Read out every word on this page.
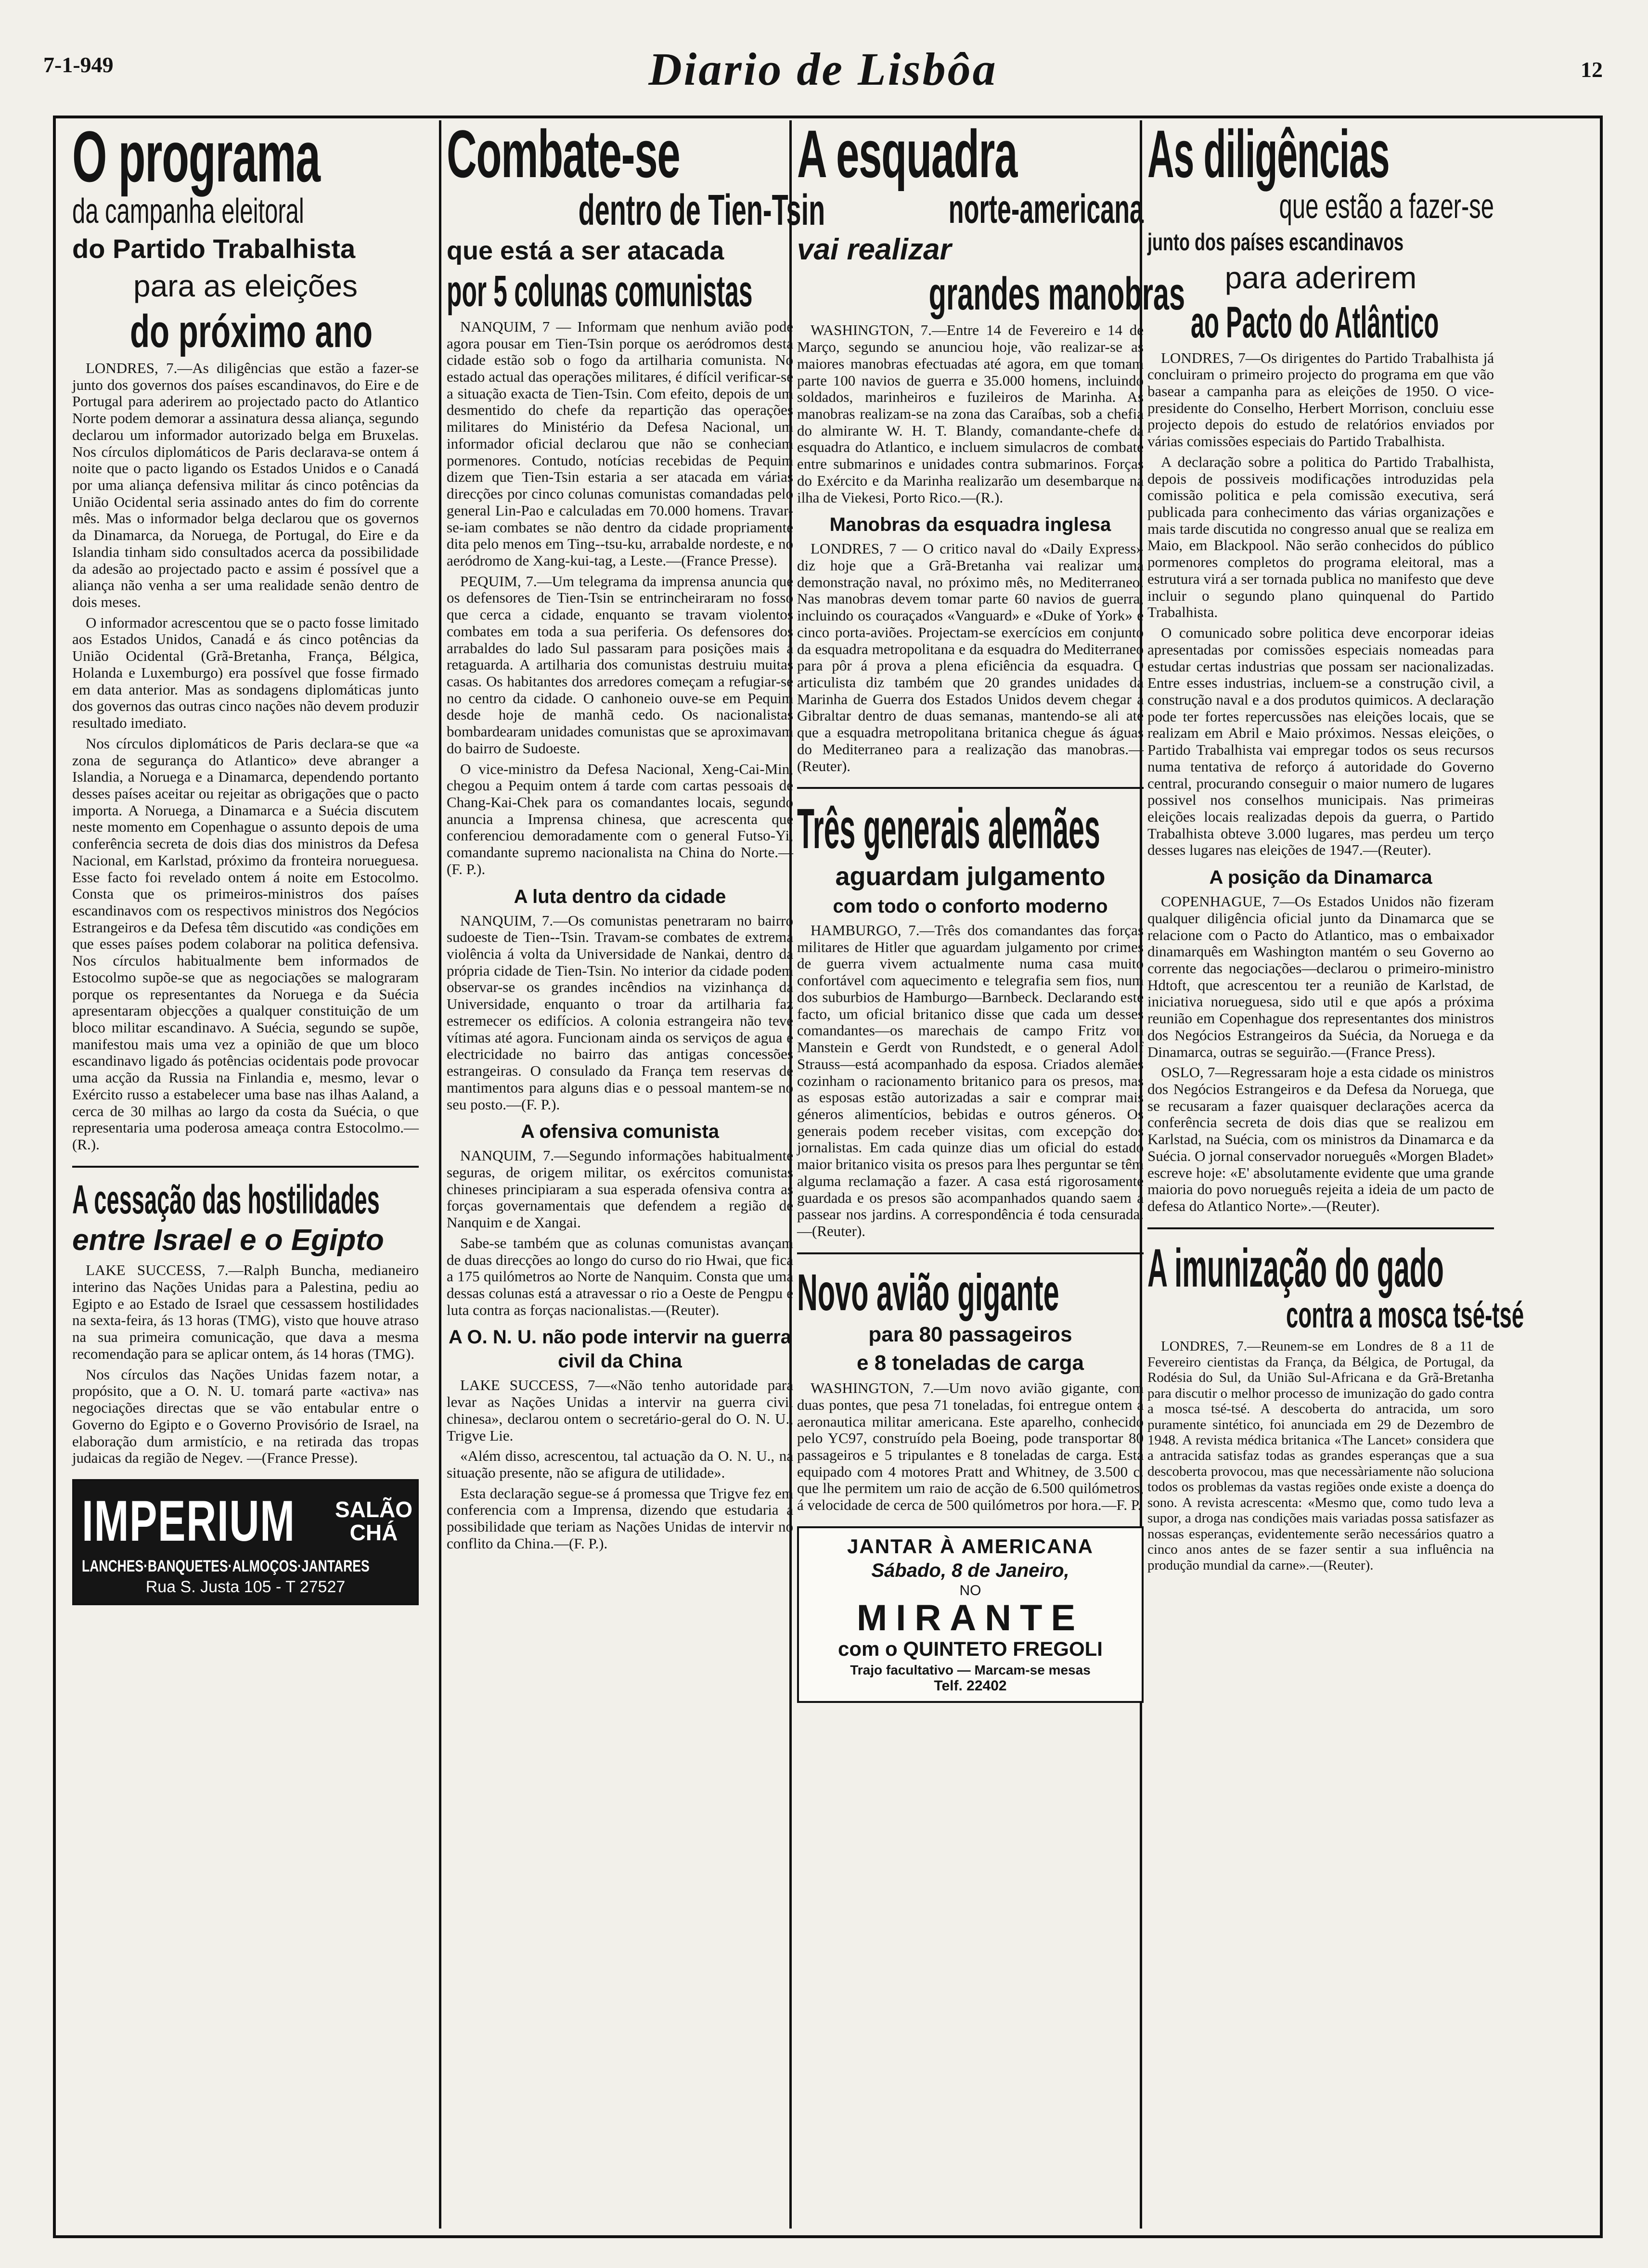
7-1-949	Diario de Lisbôa	12
O programa
da campanha eleitoral
do Partido Trabalhista
para as eleições
do próximo ano

LONDRES, 7.—As diligências que estão a fazer-se junto dos governos dos países escandinavos, do Eire e de Portugal para aderirem ao projectado pacto do Atlantico Norte podem demorar a assinatura dessa aliança, segundo declarou um informador autorizado belga em Bruxelas. Nos círculos diplomáticos de Paris declarava-se ontem á noite que o pacto ligando os Estados Unidos e o Canadá por uma aliança defensiva militar ás cinco potências da União Ocidental seria assinado antes do fim do corrente mês. Mas o informador belga declarou que os governos da Dinamarca, da Noruega, de Portugal, do Eire e da Islandia tinham sido consultados acerca da possibilidade da adesão ao projectado pacto e assim é possível que a aliança não venha a ser uma realidade senão dentro de dois meses.

O informador acrescentou que se o pacto fosse limitado aos Estados Unidos, Canadá e ás cinco potências da União Ocidental (Grã-Bretanha, França, Bélgica, Holanda e Luxemburgo) era possível que fosse firmado em data anterior. Mas as sondagens diplomáticas junto dos governos das outras cinco nações não devem produzir resultado imediato.

Nos círculos diplomáticos de Paris declara-se que «a zona de segurança do Atlantico» deve abranger a Islandia, a Noruega e a Dinamarca, dependendo portanto desses países aceitar ou rejeitar as obrigações que o pacto importa. A Noruega, a Dinamarca e a Suécia discutem neste momento em Copenhague o assunto depois de uma conferência secreta de dois dias dos ministros da Defesa Nacional, em Karlstad, próximo da fronteira norueguesa. Esse facto foi revelado ontem á noite em Estocolmo. Consta que os primeiros-ministros dos países escandinavos com os respectivos ministros dos Negócios Estrangeiros e da Defesa têm discutido «as condições em que esses países podem colaborar na politica defensiva. Nos círculos habitualmente bem informados de Estocolmo supõe-se que as negociações se malograram porque os representantes da Noruega e da Suécia apresentaram objecções a qualquer constituição de um bloco militar escandinavo. A Suécia, segundo se supõe, manifestou mais uma vez a opinião de que um bloco escandinavo ligado ás potências ocidentais pode provocar uma acção da Russia na Finlandia e, mesmo, levar o Exército russo a estabelecer uma base nas ilhas Aaland, a cerca de 30 milhas ao largo da costa da Suécia, o que representaria uma poderosa ameaça contra Estocolmo.—(R.).

A cessação das hostilidades
entre Israel e o Egipto

LAKE SUCCESS, 7.—Ralph Buncha, medianeiro interino das Nações Unidas para a Palestina, pediu ao Egipto e ao Estado de Israel que cessassem hostilidades na sexta-feira, ás 13 horas (TMG), visto que houve atraso na sua primeira comunicação, que dava a mesma recomendação para se aplicar ontem, ás 14 horas (TMG).

Nos círculos das Nações Unidas fazem notar, a propósito, que a O. N. U. tomará parte «activa» nas negociações directas que se vão entabular entre o Governo do Egipto e o Governo Provisório de Israel, na elaboração dum armistício, e na retirada das tropas judaicas da região de Negev. —(France Presse).

IMPERIUM SALÃO
CHÁ
LANCHES·BANQUETES·ALMOÇOS·JANTARES
Rua S. Justa 105 - T 27527
Combate-se
dentro de Tien-Tsin
que está a ser atacada
por 5 colunas comunistas

NANQUIM, 7 — Informam que nenhum avião pode agora pousar em Tien-Tsin porque os aeródromos desta cidade estão sob o fogo da artilharia comunista. No estado actual das operações militares, é difícil verificar-se a situação exacta de Tien-Tsin. Com efeito, depois de um desmentido do chefe da repartição das operações militares do Ministério da Defesa Nacional, um informador oficial declarou que não se conheciam pormenores. Contudo, notícias recebidas de Pequim dizem que Tien-Tsin estaria a ser atacada em várias direcções por cinco colunas comunistas comandadas pelo general Lin-Pao e calculadas em 70.000 homens. Travar-se-iam combates se não dentro da cidade propriamente dita pelo menos em Ting--tsu-ku, arrabalde nordeste, e no aeródromo de Xang-kui-tag, a Leste.—(France Presse).

PEQUIM, 7.—Um telegrama da imprensa anuncia que os defensores de Tien-Tsin se entrincheiraram no fosso que cerca a cidade, enquanto se travam violentos combates em toda a sua periferia. Os defensores dos arrabaldes do lado Sul passaram para posições mais á retaguarda. A artilharia dos comunistas destruiu muitas casas. Os habitantes dos arredores começam a refugiar-se no centro da cidade. O canhoneio ouve-se em Pequim desde hoje de manhã cedo. Os nacionalistas bombardearam unidades comunistas que se aproximavam do bairro de Sudoeste.

O vice-ministro da Defesa Nacional, Xeng-Cai-Min, chegou a Pequim ontem á tarde com cartas pessoais de Chang-Kai-Chek para os comandantes locais, segundo anuncia a Imprensa chinesa, que acrescenta que conferenciou demoradamente com o general Futso-Yi, comandante supremo nacionalista na China do Norte.—(F. P.).

A luta dentro da cidade

NANQUIM, 7.—Os comunistas penetraram no bairro sudoeste de Tien--Tsin. Travam-se combates de extrema violência á volta da Universidade de Nankai, dentro da própria cidade de Tien-Tsin. No interior da cidade podem observar-se os grandes incêndios na vizinhança da Universidade, enquanto o troar da artilharia faz estremecer os edifícios. A colonia estrangeira não teve vítimas até agora. Funcionam ainda os serviços de agua e electricidade no bairro das antigas concessões estrangeiras. O consulado da França tem reservas de mantimentos para alguns dias e o pessoal mantem-se no seu posto.—(F. P.).

A ofensiva comunista

NANQUIM, 7.—Segundo informações habitualmente seguras, de origem militar, os exércitos comunistas chineses principiaram a sua esperada ofensiva contra as forças governamentais que defendem a região de Nanquim e de Xangai.

Sabe-se também que as colunas comunistas avançam de duas direcções ao longo do curso do rio Hwai, que fica a 175 quilómetros ao Norte de Nanquim. Consta que uma dessas colunas está a atravessar o rio a Oeste de Pengpu e luta contra as forças nacionalistas.—(Reuter).

A O. N. U. não pode intervir na guerra civil da China

LAKE SUCCESS, 7—«Não tenho autoridade para levar as Nações Unidas a intervir na guerra civil chinesa», declarou ontem o secretário-geral do O. N. U., Trigve Lie.

«Além disso, acrescentou, tal actuação da O. N. U., na situação presente, não se afigura de utilidade».

Esta declaração segue-se á promessa que Trigve fez em conferencia com a Imprensa, dizendo que estudaria a possibilidade que teriam as Nações Unidas de intervir no conflito da China.—(F. P.).

A esquadra
norte-americana
vai realizar
grandes manobras

WASHINGTON, 7.—Entre 14 de Fevereiro e 14 de Março, segundo se anunciou hoje, vão realizar-se as maiores manobras efectuadas até agora, em que tomam parte 100 navios de guerra e 35.000 homens, incluindo soldados, marinheiros e fuzileiros de Marinha. As manobras realizam-se na zona das Caraíbas, sob a chefia do almirante W. H. T. Blandy, comandante-chefe da esquadra do Atlantico, e incluem simulacros de combate entre submarinos e unidades contra submarinos. Forças do Exército e da Marinha realizarão um desembarque na ilha de Viekesi, Porto Rico.—(R.).

Manobras da esquadra inglesa

LONDRES, 7 — O critico naval do «Daily Express» diz hoje que a Grã-Bretanha vai realizar uma demonstração naval, no próximo mês, no Mediterraneo. Nas manobras devem tomar parte 60 navios de guerra, incluindo os couraçados «Vanguard» e «Duke of York» e cinco porta-aviões. Projectam-se exercícios em conjunto da esquadra metropolitana e da esquadra do Mediterraneo para pôr á prova a plena eficiência da esquadra. O articulista diz também que 20 grandes unidades da Marinha de Guerra dos Estados Unidos devem chegar a Gibraltar dentro de duas semanas, mantendo-se ali até que a esquadra metropolitana britanica chegue ás águas do Mediterraneo para a realização das manobras.—(Reuter).

Três generais alemães
aguardam julgamento
com todo o conforto moderno

HAMBURGO, 7.—Três dos comandantes das forças militares de Hitler que aguardam julgamento por crimes de guerra vivem actualmente numa casa muito confortável com aquecimento e telegrafia sem fios, num dos suburbios de Hamburgo—Barnbeck. Declarando este facto, um oficial britanico disse que cada um desses comandantes—os marechais de campo Fritz von Manstein e Gerdt von Rundstedt, e o general Adolf Strauss—está acompanhado da esposa. Criados alemães cozinham o racionamento britanico para os presos, mas as esposas estão autorizadas a sair e comprar mais géneros alimentícios, bebidas e outros géneros. Os generais podem receber visitas, com excepção dos jornalistas. Em cada quinze dias um oficial do estado maior britanico visita os presos para lhes perguntar se têm alguma reclamação a fazer. A casa está rigorosamente guardada e os presos são acompanhados quando saem a passear nos jardins. A correspondência é toda censurada.—(Reuter).

Novo avião gigante
para 80 passageiros
e 8 toneladas de carga

WASHINGTON, 7.—Um novo avião gigante, com duas pontes, que pesa 71 toneladas, foi entregue ontem á aeronautica militar americana. Este aparelho, conhecido pelo YC97, construído pela Boeing, pode transportar 80 passageiros e 5 tripulantes e 8 toneladas de carga. Está equipado com 4 motores Pratt and Whitney, de 3.500 c. que lhe permitem um raio de acção de 6.500 quilómetros, á velocidade de cerca de 500 quilómetros por hora.—F. P.

JANTAR À AMERICANA
Sábado, 8 de Janeiro,
NO
MIRANTE
com o QUINTETO FREGOLI
Trajo facultativo — Marcam-se mesas
Telf. 22402
As diligências
que estão a fazer-se
junto dos países escandinavos
para aderirem
ao Pacto do Atlântico

LONDRES, 7—Os dirigentes do Partido Trabalhista já concluiram o primeiro projecto do programa em que vão basear a campanha para as eleições de 1950. O vice-presidente do Conselho, Herbert Morrison, concluiu esse projecto depois do estudo de relatórios enviados por várias comissões especiais do Partido Trabalhista.

A declaração sobre a politica do Partido Trabalhista, depois de possiveis modificações introduzidas pela comissão politica e pela comissão executiva, será publicada para conhecimento das várias organizações e mais tarde discutida no congresso anual que se realiza em Maio, em Blackpool. Não serão conhecidos do público pormenores completos do programa eleitoral, mas a estrutura virá a ser tornada publica no manifesto que deve incluir o segundo plano quinquenal do Partido Trabalhista.

O comunicado sobre politica deve encorporar ideias apresentadas por comissões especiais nomeadas para estudar certas industrias que possam ser nacionalizadas. Entre esses industrias, incluem-se a construção civil, a construção naval e a dos produtos quimicos. A declaração pode ter fortes repercussões nas eleições locais, que se realizam em Abril e Maio próximos. Nessas eleições, o Partido Trabalhista vai empregar todos os seus recursos numa tentativa de reforço á autoridade do Governo central, procurando conseguir o maior numero de lugares possivel nos conselhos municipais. Nas primeiras eleições locais realizadas depois da guerra, o Partido Trabalhista obteve 3.000 lugares, mas perdeu um terço desses lugares nas eleições de 1947.—(Reuter).

A posição da Dinamarca

COPENHAGUE, 7—Os Estados Unidos não fizeram qualquer diligência oficial junto da Dinamarca que se relacione com o Pacto do Atlantico, mas o embaixador dinamarquês em Washington mantém o seu Governo ao corrente das negociações—declarou o primeiro-ministro Hdtoft, que acrescentou ter a reunião de Karlstad, de iniciativa norueguesa, sido util e que após a próxima reunião em Copenhague dos representantes dos ministros dos Negócios Estrangeiros da Suécia, da Noruega e da Dinamarca, outras se seguirão.—(France Press).

OSLO, 7—Regressaram hoje a esta cidade os ministros dos Negócios Estrangeiros e da Defesa da Noruega, que se recusaram a fazer quaisquer declarações acerca da conferência secreta de dois dias que se realizou em Karlstad, na Suécia, com os ministros da Dinamarca e da Suécia. O jornal conservador norueguês «Morgen Bladet» escreve hoje: «E' absolutamente evidente que uma grande maioria do povo norueguês rejeita a ideia de um pacto de defesa do Atlantico Norte».—(Reuter).

A imunização do gado
contra a mosca tsé-tsé

LONDRES, 7.—Reunem-se em Londres de 8 a 11 de Fevereiro cientistas da França, da Bélgica, de Portugal, da Rodésia do Sul, da União Sul-Africana e da Grã-Bretanha para discutir o melhor processo de imunização do gado contra a mosca tsé-tsé. A descoberta do antracida, um soro puramente sintético, foi anunciada em 29 de Dezembro de 1948. A revista médica britanica «The Lancet» considera que a antracida satisfaz todas as grandes esperanças que a sua descoberta provocou, mas que necessàriamente não soluciona todos os problemas da vastas regiões onde existe a doença do sono. A revista acrescenta: «Mesmo que, como tudo leva a supor, a droga nas condições mais variadas possa satisfazer as nossas esperanças, evidentemente serão necessários quatro a cinco anos antes de se fazer sentir a sua influência na produção mundial da carne».—(Reuter).
